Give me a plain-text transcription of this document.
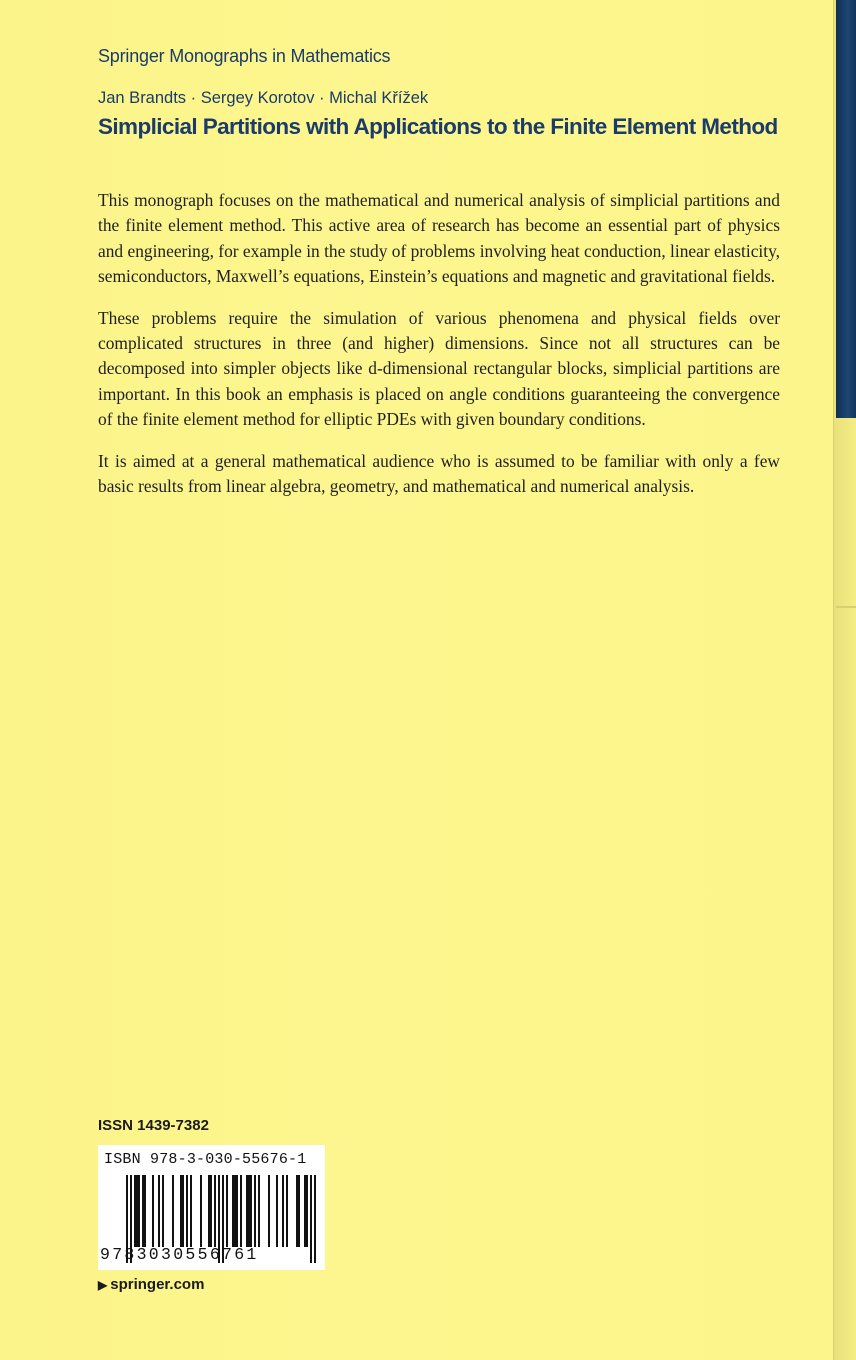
Springer Monographs in Mathematics
Jan Brandts · Sergey Korotov · Michal Křížek
Simplicial Partitions with Applications to the Finite Element Method

This monograph focuses on the mathematical and numerical analysis of simplicial partitions and the finite element method. This active area of research has become an essential part of physics and engineering, for example in the study of problems involving heat conduction, linear elasticity, semiconductors, Maxwell’s equations, Einstein’s equations and magnetic and gravitational fields.

These problems require the simulation of various phenomena and physical fields over complicated structures in three (and higher) dimensions. Since not all structures can be decomposed into simpler objects like d-dimensional rectangular blocks, simplicial partitions are important. In this book an emphasis is placed on angle conditions guaranteeing the convergence of the finite element method for elliptic PDEs with given boundary conditions.

It is aimed at a general mathematical audience who is assumed to be familiar with only a few basic results from linear algebra, geometry, and mathematical and numerical analysis.

ISSN 1439-7382
ISBN 978-3-030-55676-1
9783030556761
▶ springer.com
